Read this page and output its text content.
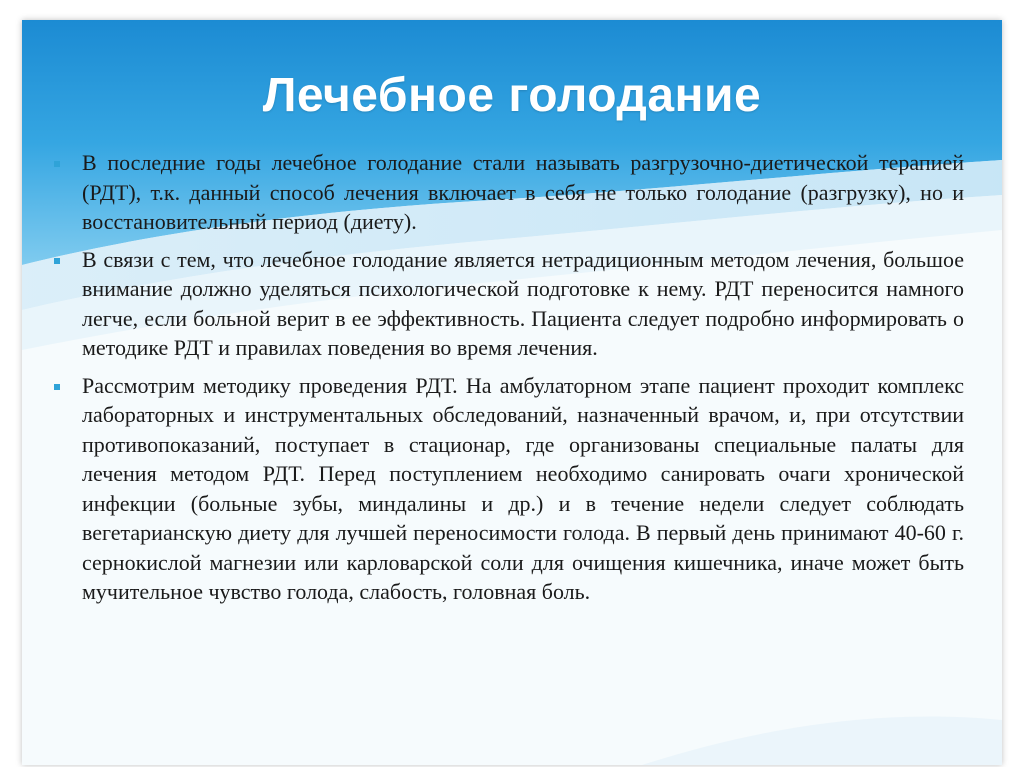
Лечебное голодание
В последние годы лечебное голодание стали называть разгрузочно-диетической терапией (РДТ), т.к. данный способ лечения включает в себя не только голодание (разгрузку), но и восстановительный период (диету).
В связи с тем, что лечебное голодание является нетрадиционным методом лечения, большое внимание должно уделяться психологической подготовке к нему. РДТ переносится намного легче, если больной верит в ее эффективность. Пациента следует подробно информировать о методике РДТ и правилах поведения во время лечения.
Рассмотрим методику проведения РДТ. На амбулаторном этапе пациент проходит комплекс лабораторных и инструментальных обследований, назначенный врачом, и, при отсутствии противопоказаний, поступает в стационар, где организованы специальные палаты для лечения методом РДТ. Перед поступлением необходимо санировать очаги хронической инфекции (больные зубы, миндалины и др.) и в течение недели следует соблюдать вегетарианскую диету для лучшей переносимости голода. В первый день принимают 40-60 г. сернокислой магнезии или карловарской соли для очищения кишечника, иначе может быть мучительное чувство голода, слабость, головная боль.
